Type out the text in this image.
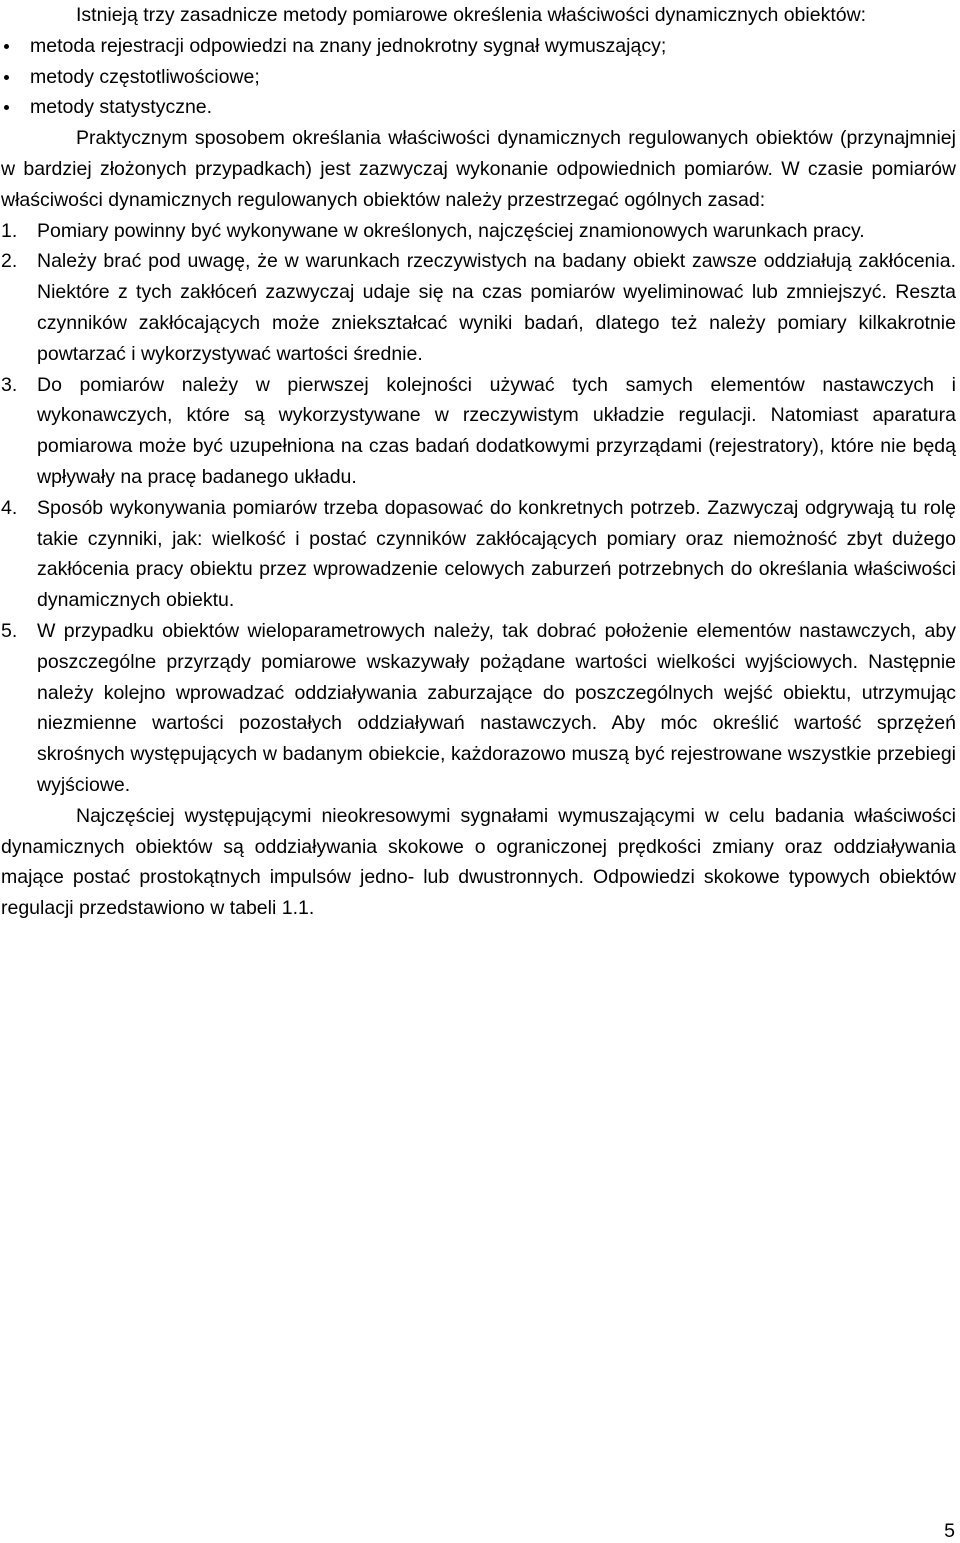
Istnieją trzy zasadnicze metody pomiarowe określenia właściwości dynamicznych obiektów:

metoda rejestracji odpowiedzi na znany jednokrotny sygnał wymuszający;
metody częstotliwościowe;
metody statystyczne.

Praktycznym sposobem określania właściwości dynamicznych regulowanych obiektów (przynajmniej w bardziej złożonych przypadkach) jest zazwyczaj wykonanie odpowiednich pomiarów. W czasie pomiarów właściwości dynamicznych regulowanych obiektów należy przestrzegać ogólnych zasad:

1. Pomiary powinny być wykonywane w określonych, najczęściej znamionowych warunkach pracy.
2. Należy brać pod uwagę, że w warunkach rzeczywistych na badany obiekt zawsze oddziałują zakłócenia. Niektóre z tych zakłóceń zazwyczaj udaje się na czas pomiarów wyeliminować lub zmniejszyć. Reszta czynników zakłócających może zniekształcać wyniki badań, dlatego też należy pomiary kilkakrotnie powtarzać i wykorzystywać wartości średnie.
3. Do pomiarów należy w pierwszej kolejności używać tych samych elementów nastawczych i wykonawczych, które są wykorzystywane w rzeczywistym układzie regulacji. Natomiast aparatura pomiarowa może być uzupełniona na czas badań dodatkowymi przyrządami (rejestratory), które nie będą wpływały na pracę badanego układu.
4. Sposób wykonywania pomiarów trzeba dopasować do konkretnych potrzeb. Zazwyczaj odgrywają tu rolę takie czynniki, jak: wielkość i postać czynników zakłócających pomiary oraz niemożność zbyt dużego zakłócenia pracy obiektu przez wprowadzenie celowych zaburzeń potrzebnych do określania właściwości dynamicznych obiektu.
5. W przypadku obiektów wieloparametrowych należy, tak dobrać położenie elementów nastawczych, aby poszczególne przyrządy pomiarowe wskazywały pożądane wartości wielkości wyjściowych. Następnie należy kolejno wprowadzać oddziaływania zaburzające do poszczególnych wejść obiektu, utrzymując niezmienne wartości pozostałych oddziaływań nastawczych. Aby móc określić wartość sprzężeń skrośnych występujących w badanym obiekcie, każdorazowo muszą być rejestrowane wszystkie przebiegi wyjściowe.

Najczęściej występującymi nieokresowymi sygnałami wymuszającymi w celu badania właściwości dynamicznych obiektów są oddziaływania skokowe o ograniczonej prędkości zmiany oraz oddziaływania mające postać prostokątnych impulsów jedno- lub dwustronnych. Odpowiedzi skokowe typowych obiektów regulacji przedstawiono w tabeli 1.1.

5
